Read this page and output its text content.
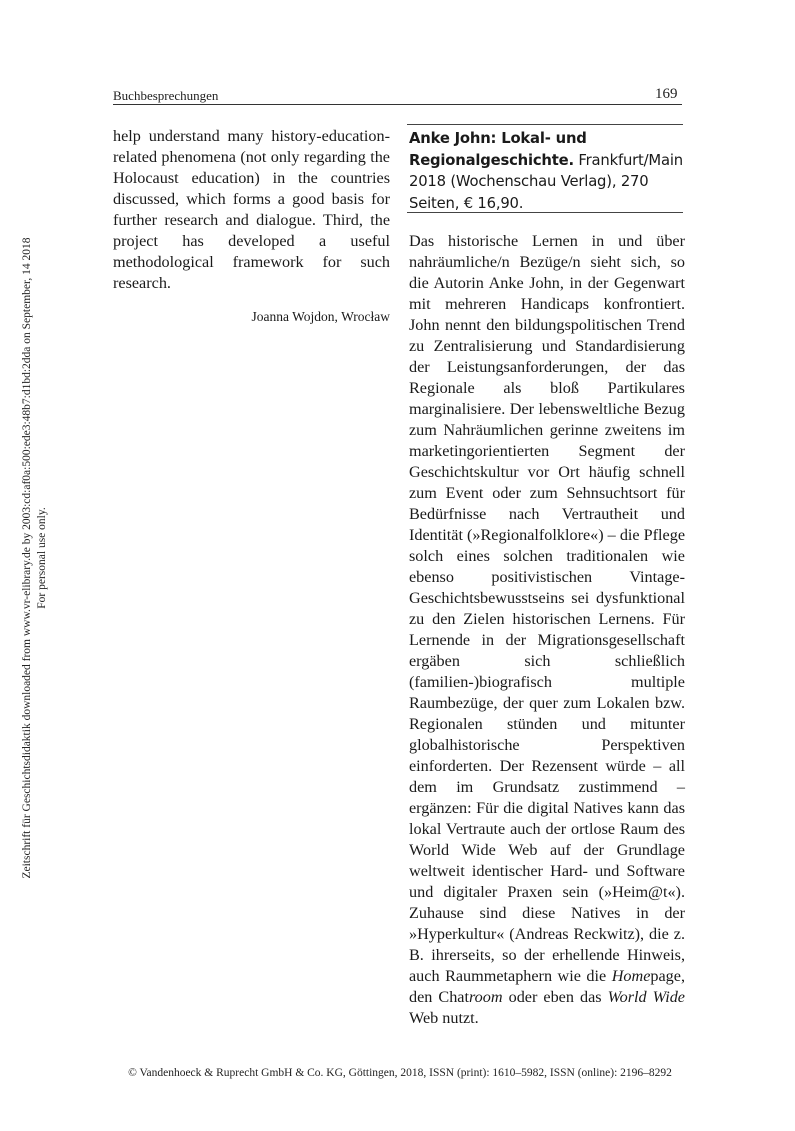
Zeitschrift für Geschichtsdidaktik downloaded from www.vr-elibrary.de by 2003:cd:af0a:500:ede3:48b7:d1bd:2dda on September, 14 2018 For personal use only.
Buchbesprechungen	169

help understand many history-education-related phenomena (not only regarding the Holocaust education) in the countries discussed, which forms a good basis for further research and dialogue. Third, the project has developed a useful methodological framework for such research.

Joanna Wojdon, Wrocław
Anke John: Lokal- und Regionalgeschichte. Frankfurt/Main 2018 (Wochenschau Verlag), 270 Seiten, € 16,90.

Das historische Lernen in und über nahräumliche/n Bezüge/n sieht sich, so die Autorin Anke John, in der Gegenwart mit mehreren Handicaps konfrontiert. John nennt den bildungspolitischen Trend zu Zentralisierung und Standardisierung der Leistungsanforderungen, der das Regionale als bloß Partikulares marginalisiere. Der lebensweltliche Bezug zum Nahräumlichen gerinne zweitens im marketingorientierten Segment der Geschichtskultur vor Ort häufig schnell zum Event oder zum Sehnsuchtsort für Bedürfnisse nach Vertrautheit und Identität (»Regionalfolklore«) – die Pflege solch eines solchen traditionalen wie ebenso positivistischen Vintage-Geschichtsbewusstseins sei dysfunktional zu den Zielen historischen Lernens. Für Lernende in der Migrationsgesellschaft ergäben sich schließlich (familien-)biografisch multiple Raumbezüge, der quer zum Lokalen bzw. Regionalen stünden und mitunter globalhistorische Perspektiven einforderten. Der Rezensent würde – all dem im Grundsatz zustimmend – ergänzen: Für die digital Natives kann das lokal Vertraute auch der ortlose Raum des World Wide Web auf der Grundlage weltweit identischer Hard- und Software und digitaler Praxen sein (»Heim@t«). Zuhause sind diese Natives in der »Hyperkultur« (Andreas Reckwitz), die z. B. ihrerseits, so der erhellende Hinweis, auch Raummetaphern wie die Homepage, den Chatroom oder eben das World Wide Web nutzt.

© Vandenhoeck & Ruprecht GmbH & Co. KG, Göttingen, 2018, ISSN (print): 1610–5982, ISSN (online): 2196–8292
